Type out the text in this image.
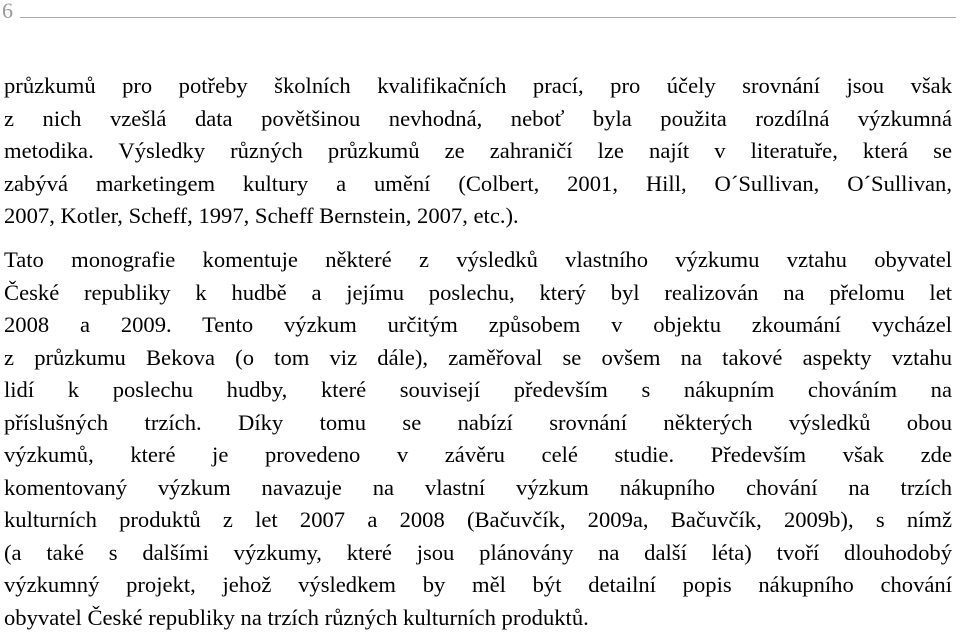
6
průzkumů pro potřeby školních kvalifikačních prací, pro účely srovnání jsou však
z nich vzešlá data povětšinou nevhodná, neboť byla použita rozdílná výzkumná
metodika. Výsledky různých průzkumů ze zahraničí lze najít v literatuře, která se
zabývá marketingem kultury a umění (Colbert, 2001, Hill, O´Sullivan, O´Sullivan,
2007, Kotler, Scheff, 1997, Scheff Bernstein, 2007, etc.).
Tato monografie komentuje některé z výsledků vlastního výzkumu vztahu obyvatel
České republiky k hudbě a jejímu poslechu, který byl realizován na přelomu let
2008 a 2009. Tento výzkum určitým způsobem v objektu zkoumání vycházel
z průzkumu Bekova (o tom viz dále), zaměřoval se ovšem na takové aspekty vztahu
lidí k poslechu hudby, které souvisejí především s nákupním chováním na
příslušných trzích. Díky tomu se nabízí srovnání některých výsledků obou
výzkumů, které je provedeno v závěru celé studie. Především však zde
komentovaný výzkum navazuje na vlastní výzkum nákupního chování na trzích
kulturních produktů z let 2007 a 2008 (Bačuvčík, 2009a, Bačuvčík, 2009b), s nímž
(a také s dalšími výzkumy, které jsou plánovány na další léta) tvoří dlouhodobý
výzkumný projekt, jehož výsledkem by měl být detailní popis nákupního chování
obyvatel České republiky na trzích různých kulturních produktů.
